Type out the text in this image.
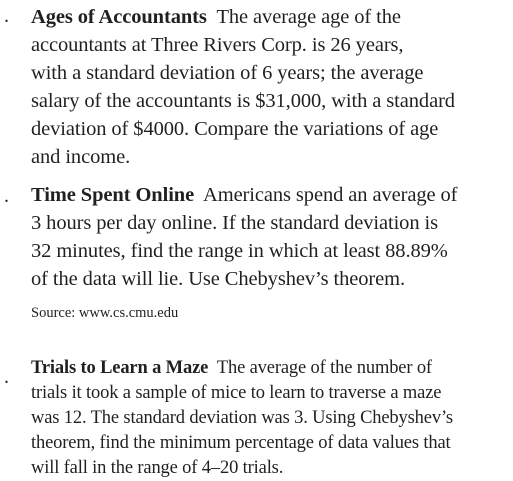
. Ages of Accountants  The average age of the
accountants at Three Rivers Corp. is 26 years,
with a standard deviation of 6 years; the average
salary of the accountants is $31,000, with a standard
deviation of $4000. Compare the variations of age
and income.
. Time Spent Online  Americans spend an average of
3 hours per day online. If the standard deviation is
32 minutes, find the range in which at least 88.89%
of the data will lie. Use Chebyshev’s theorem.
Source: www.cs.cmu.edu
. Trials to Learn a Maze  The average of the number of
trials it took a sample of mice to learn to traverse a maze
was 12. The standard deviation was 3. Using Chebyshev’s
theorem, find the minimum percentage of data values that
will fall in the range of 4–20 trials.
